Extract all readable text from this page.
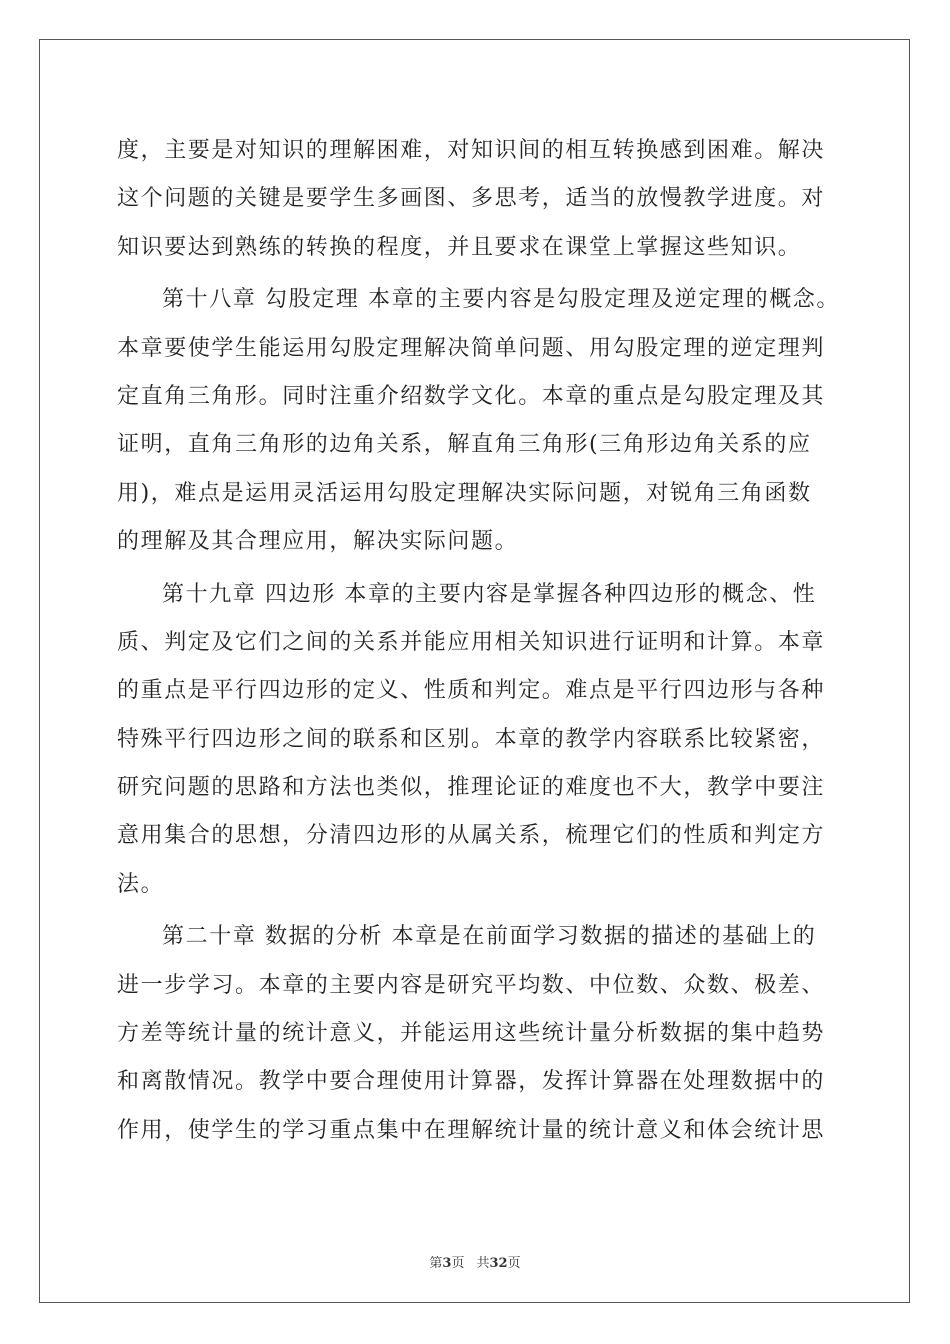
度，主要是对知识的理解困难，对知识间的相互转换感到困难。解决
这个问题的关键是要学生多画图、多思考，适当的放慢教学进度。对
知识要达到熟练的转换的程度，并且要求在课堂上掌握这些知识。
第十八章 勾股定理 本章的主要内容是勾股定理及逆定理的概念。
本章要使学生能运用勾股定理解决简单问题、用勾股定理的逆定理判
定直角三角形。同时注重介绍数学文化。本章的重点是勾股定理及其
证明，直角三角形的边角关系，解直角三角形(三角形边角关系的应
用)，难点是运用灵活运用勾股定理解决实际问题，对锐角三角函数
的理解及其合理应用，解决实际问题。
第十九章 四边形 本章的主要内容是掌握各种四边形的概念、性
质、判定及它们之间的关系并能应用相关知识进行证明和计算。本章
的重点是平行四边形的定义、性质和判定。难点是平行四边形与各种
特殊平行四边形之间的联系和区别。本章的教学内容联系比较紧密，
研究问题的思路和方法也类似，推理论证的难度也不大，教学中要注
意用集合的思想，分清四边形的从属关系，梳理它们的性质和判定方
法。
第二十章 数据的分析 本章是在前面学习数据的描述的基础上的
进一步学习。本章的主要内容是研究平均数、中位数、众数、极差、
方差等统计量的统计意义，并能运用这些统计量分析数据的集中趋势
和离散情况。教学中要合理使用计算器，发挥计算器在处理数据中的
作用，使学生的学习重点集中在理解统计量的统计意义和体会统计思
第3页 共32页
